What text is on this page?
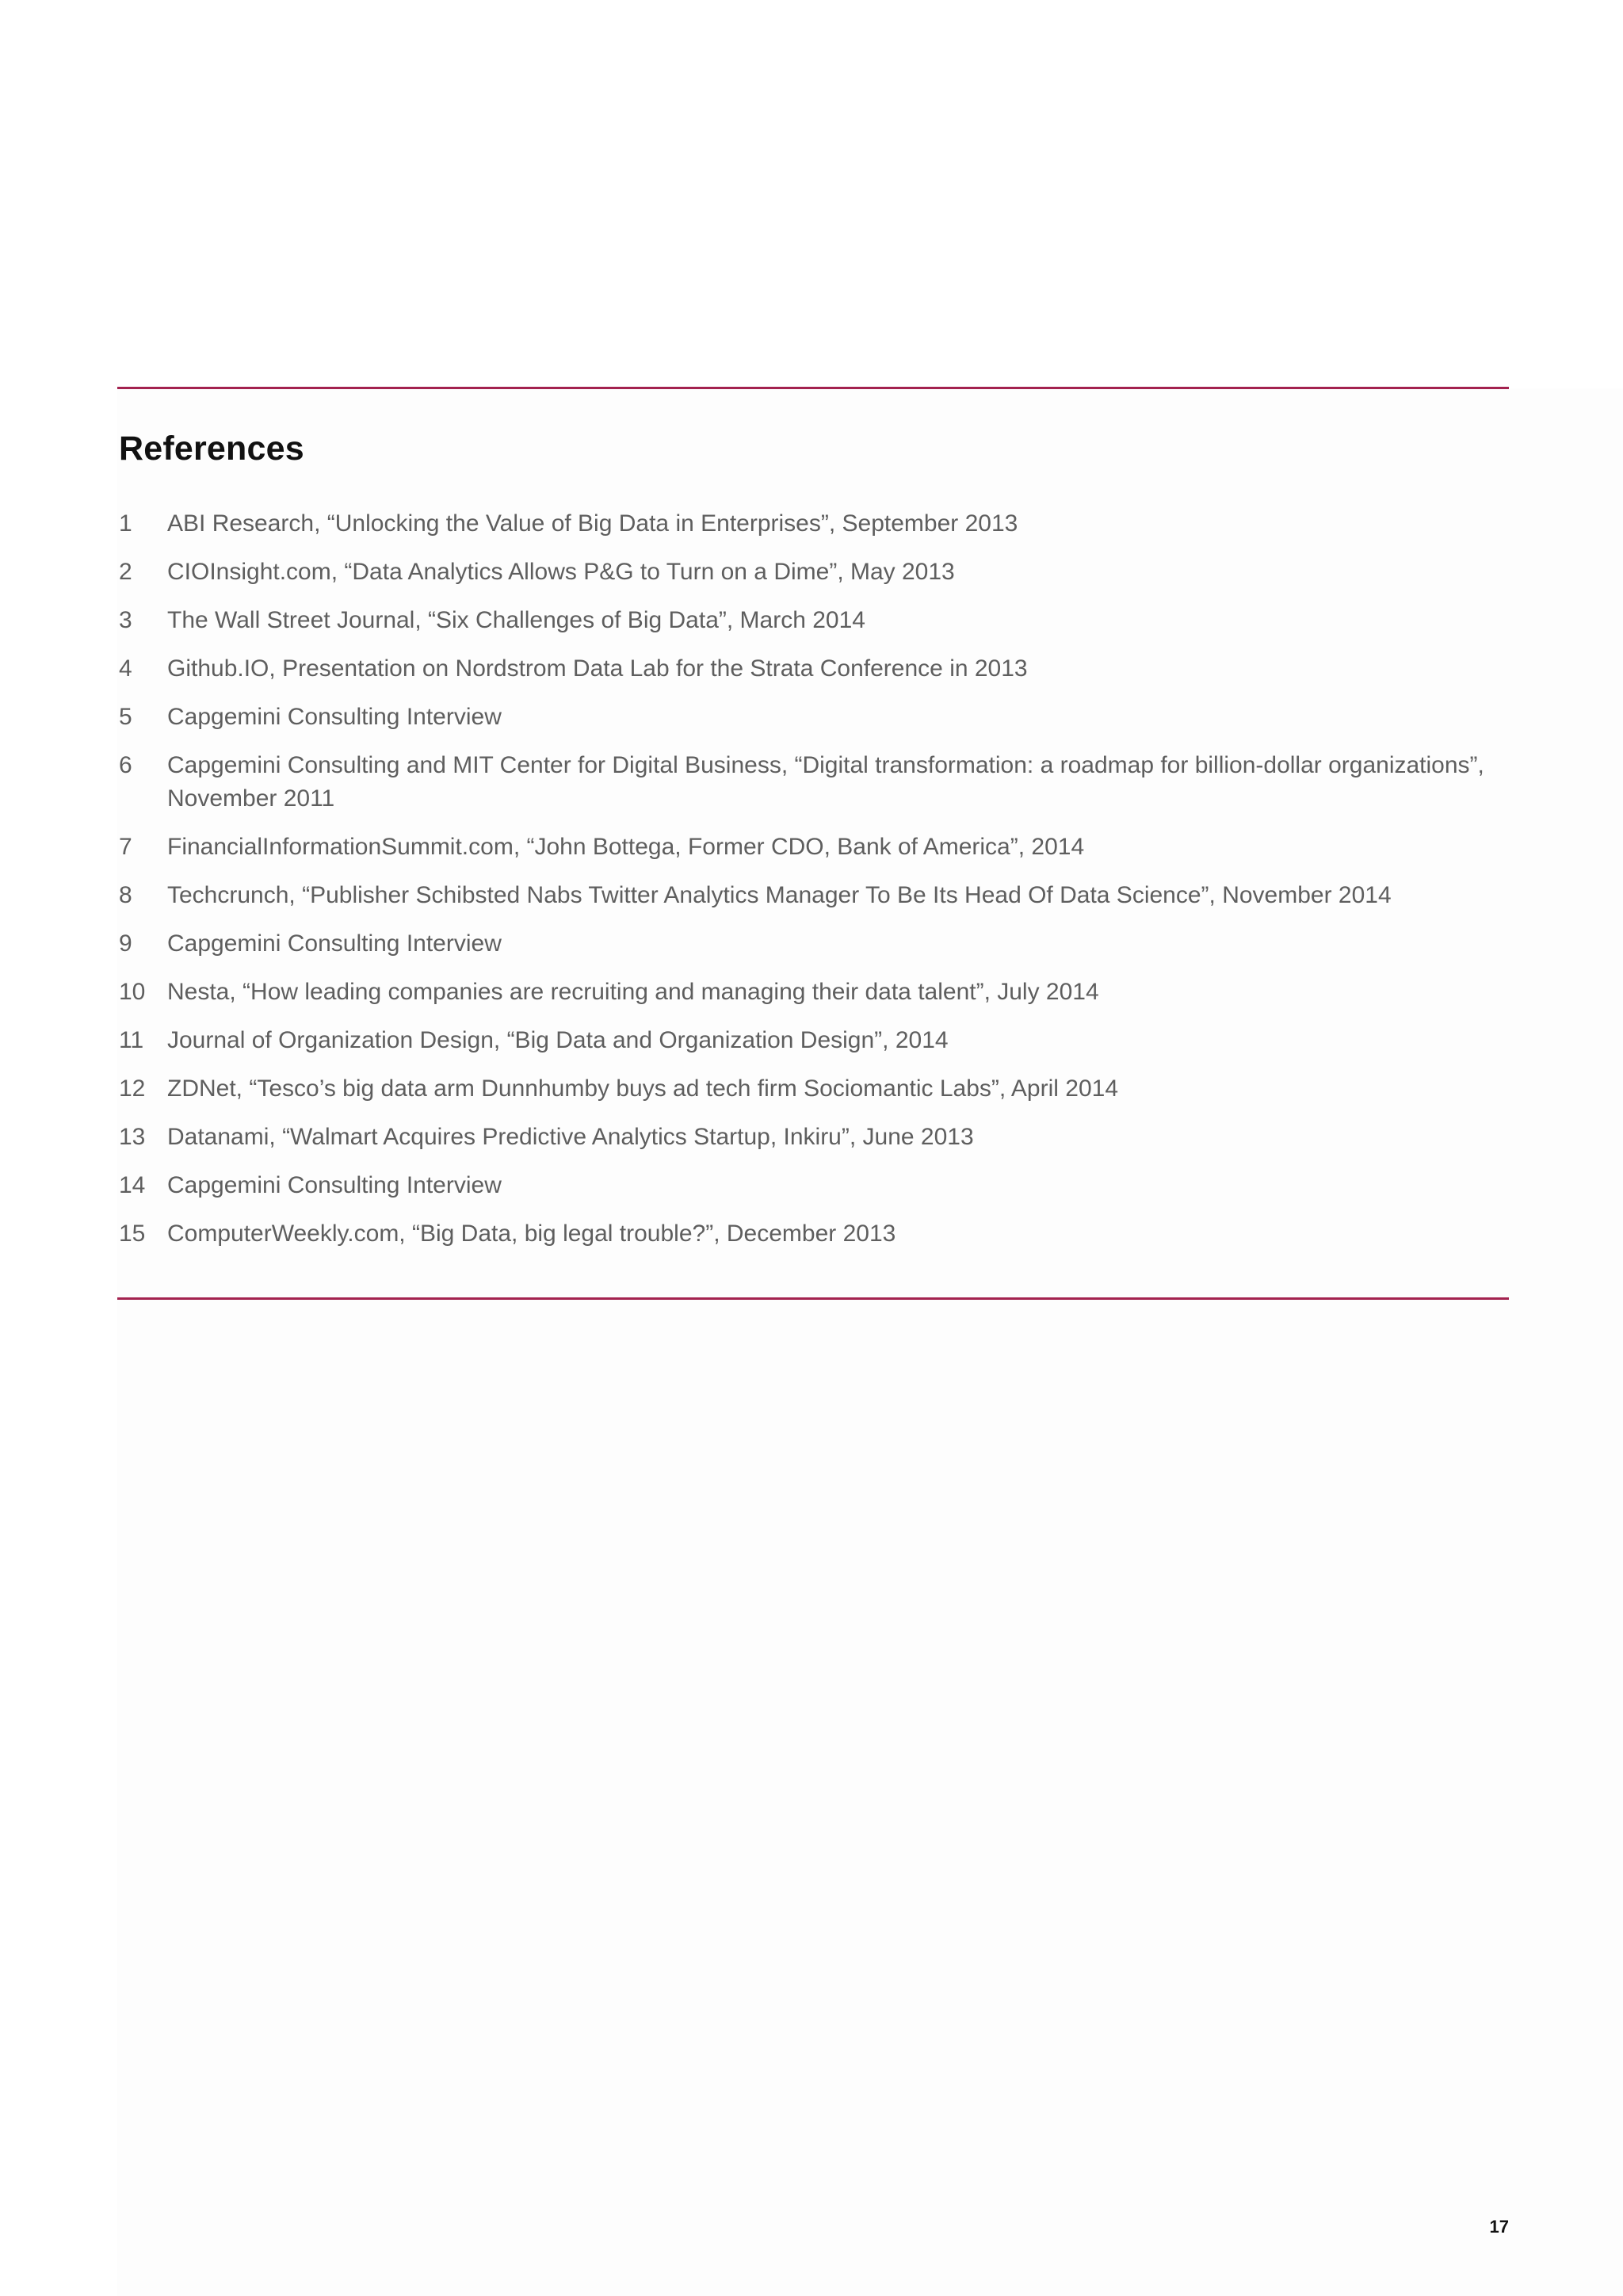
References
1	ABI Research, “Unlocking the Value of Big Data in Enterprises”, September 2013
2	CIOInsight.com, “Data Analytics Allows P&G to Turn on a Dime”, May 2013
3	The Wall Street Journal, “Six Challenges of Big Data”, March 2014
4	Github.IO, Presentation on Nordstrom Data Lab for the Strata Conference in 2013
5	Capgemini Consulting Interview
6	Capgemini Consulting and MIT Center for Digital Business, “Digital transformation: a roadmap for billion-dollar organizations”, November 2011
7	FinancialInformationSummit.com, “John Bottega, Former CDO, Bank of America”, 2014
8	Techcrunch, “Publisher Schibsted Nabs Twitter Analytics Manager To Be Its Head Of Data Science”, November 2014
9	Capgemini Consulting Interview
10 Nesta, “How leading companies are recruiting and managing their data talent”, July 2014
11 Journal of Organization Design, “Big Data and Organization Design”, 2014
12 ZDNet, “Tesco’s big data arm Dunnhumby buys ad tech firm Sociomantic Labs”, April 2014
13 Datanami, “Walmart Acquires Predictive Analytics Startup, Inkiru”, June 2013
14 Capgemini Consulting Interview
15 ComputerWeekly.com, “Big Data, big legal trouble?”, December 2013
17
